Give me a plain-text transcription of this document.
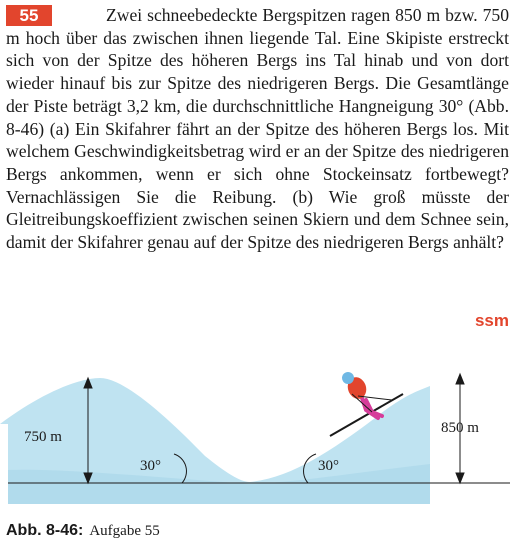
55	Zwei schneebedeckte Bergspitzen ragen 850 m bzw. 750 m hoch über das zwischen ihnen liegende Tal. Eine Skipiste erstreckt sich von der Spitze des höheren Bergs ins Tal hinab und von dort wieder hinauf bis zur Spitze des niedrigeren Bergs. Die Gesamtlänge der Piste beträgt 3,2 km, die durchschnittliche Hangneigung 30° (Abb. 8-46) (a) Ein Skifahrer fährt an der Spitze des höheren Bergs los. Mit welchem Geschwindigkeitsbetrag wird er an der Spitze des niedrigeren Bergs ankommen, wenn er sich ohne Stockeinsatz fortbewegt? Vernachlässigen Sie die Reibung. (b) Wie groß müsste der Gleitreibungskoeffizient zwischen seinen Skiern und dem Schnee sein, damit der Skifahrer genau auf der Spitze des niedrigeren Bergs anhält?

ssm
750 m
850 m
30°	30°
Abb. 8-46: Aufgabe 55
